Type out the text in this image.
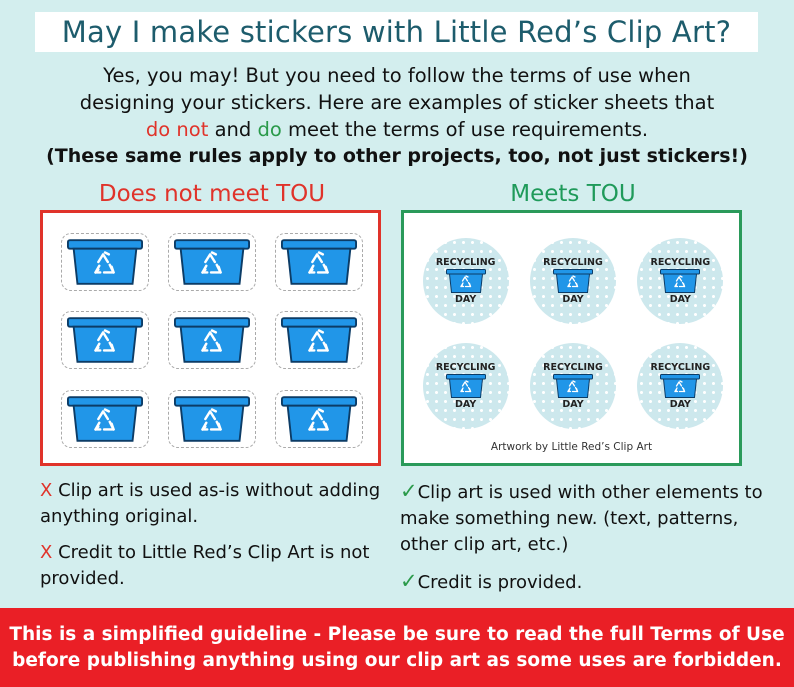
May I make stickers with Little Red’s Clip Art?
Yes, you may! But you need to follow the terms of use when
designing your stickers. Here are examples of sticker sheets that
do not and do meet the terms of use requirements.
(These same rules apply to other projects, too, not just stickers!)
Does not meet TOU	Meets TOU
RECYCLING
DAY
RECYCLING
DAY
RECYCLING
DAY
RECYCLING
DAY
RECYCLING
DAY
RECYCLING
DAY
Artwork by Little Red’s Clip Art
X Clip art is used as-is without adding anything original.
X Credit to Little Red’s Clip Art is not provided.
✓Clip art is used with other elements to make something new. (text, patterns, other clip art, etc.)
✓Credit is provided.
This is a simplified guideline - Please be sure to read the full Terms of Use
before publishing anything using our clip art as some uses are forbidden.
